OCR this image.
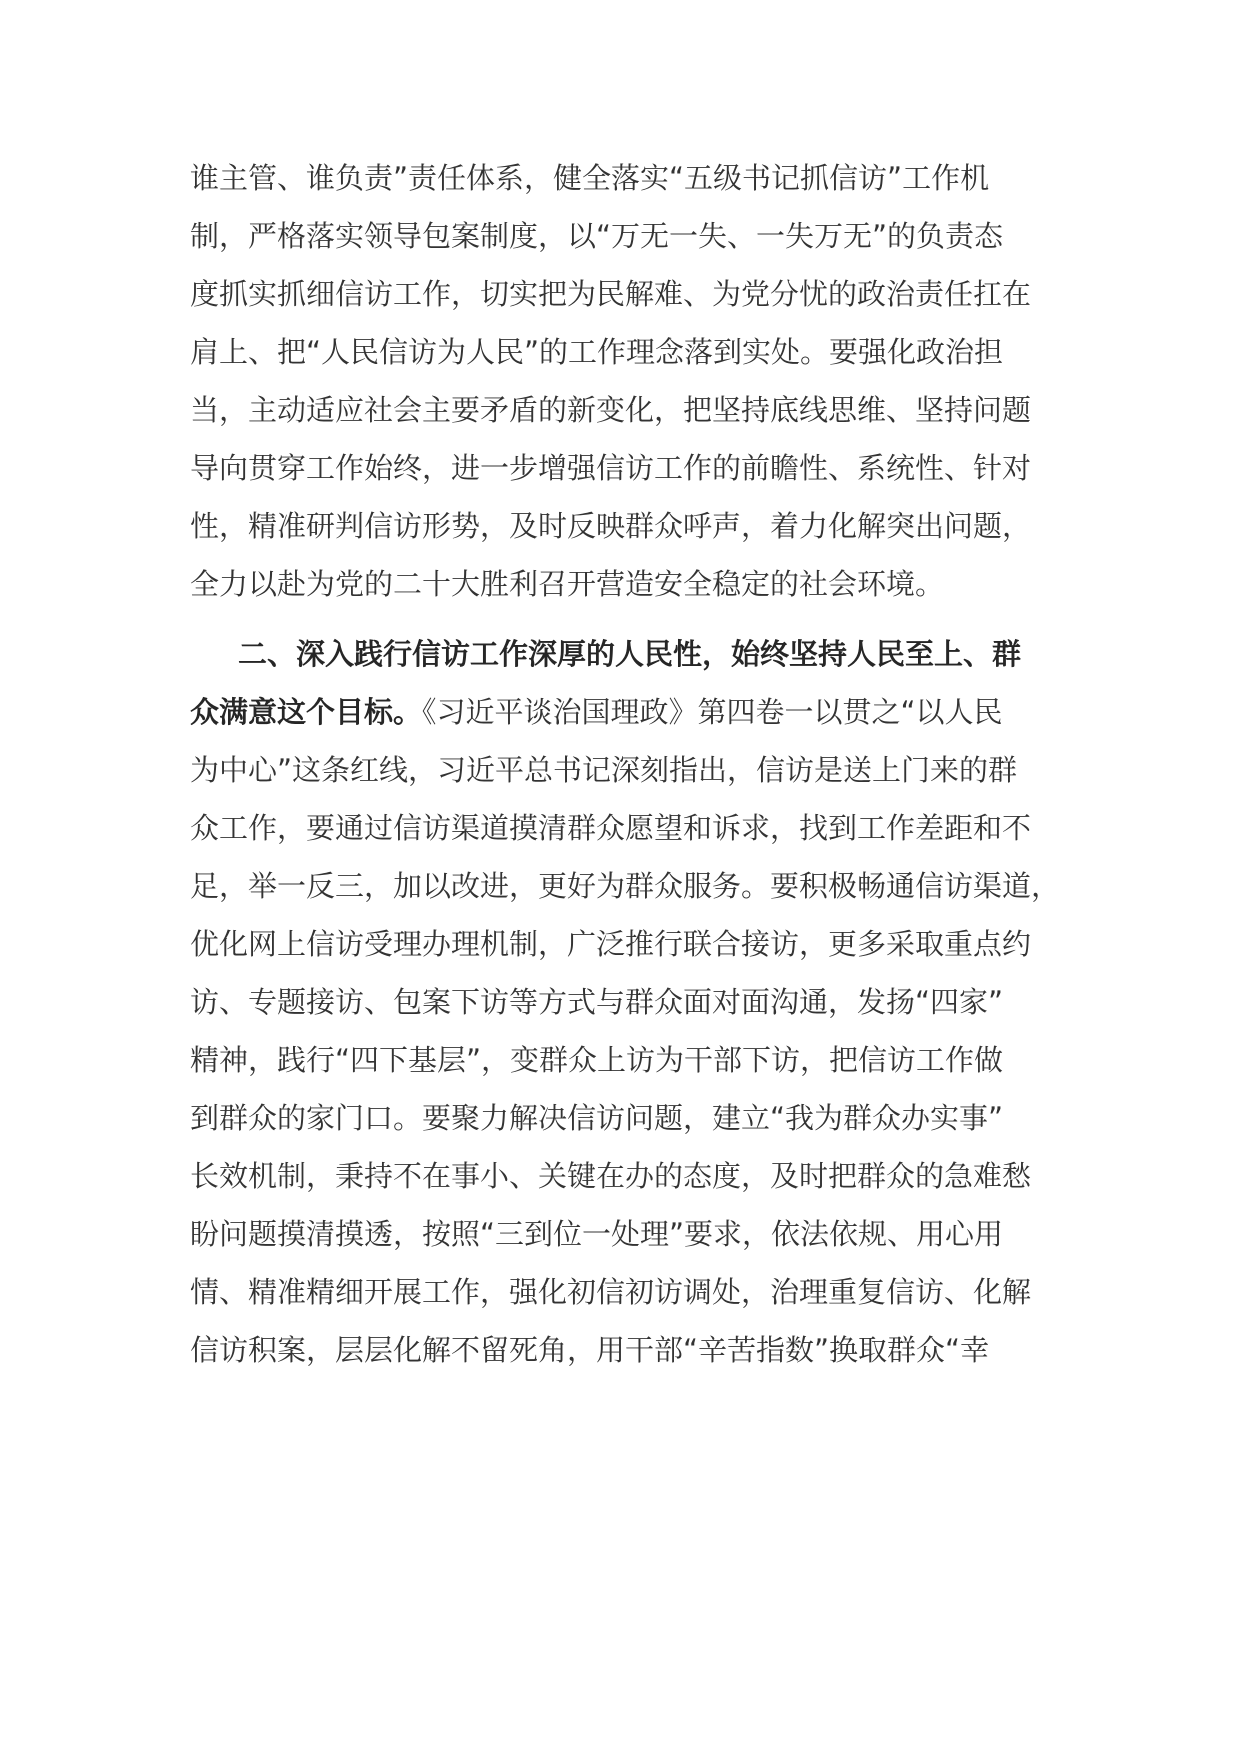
谁主管、谁负责”责任体系，健全落实“五级书记抓信访”工作机
制，严格落实领导包案制度，以“万无一失、一失万无”的负责态
度抓实抓细信访工作，切实把为民解难、为党分忧的政治责任扛在
肩上、把“人民信访为人民”的工作理念落到实处。要强化政治担
当，主动适应社会主要矛盾的新变化，把坚持底线思维、坚持问题
导向贯穿工作始终，进一步增强信访工作的前瞻性、系统性、针对
性，精准研判信访形势，及时反映群众呼声，着力化解突出问题，
全力以赴为党的二十大胜利召开营造安全稳定的社会环境。
二、深入践行信访工作深厚的人民性，始终坚持人民至上、群
众满意这个目标。《习近平谈治国理政》第四卷一以贯之“以人民
为中心”这条红线，习近平总书记深刻指出，信访是送上门来的群
众工作，要通过信访渠道摸清群众愿望和诉求，找到工作差距和不
足，举一反三，加以改进，更好为群众服务。要积极畅通信访渠道，
优化网上信访受理办理机制，广泛推行联合接访，更多采取重点约
访、专题接访、包案下访等方式与群众面对面沟通，发扬“四家”
精神，践行“四下基层”，变群众上访为干部下访，把信访工作做
到群众的家门口。要聚力解决信访问题，建立“我为群众办实事”
长效机制，秉持不在事小、关键在办的态度，及时把群众的急难愁
盼问题摸清摸透，按照“三到位一处理”要求，依法依规、用心用
情、精准精细开展工作，强化初信初访调处，治理重复信访、化解
信访积案，层层化解不留死角，用干部“辛苦指数”换取群众“幸
